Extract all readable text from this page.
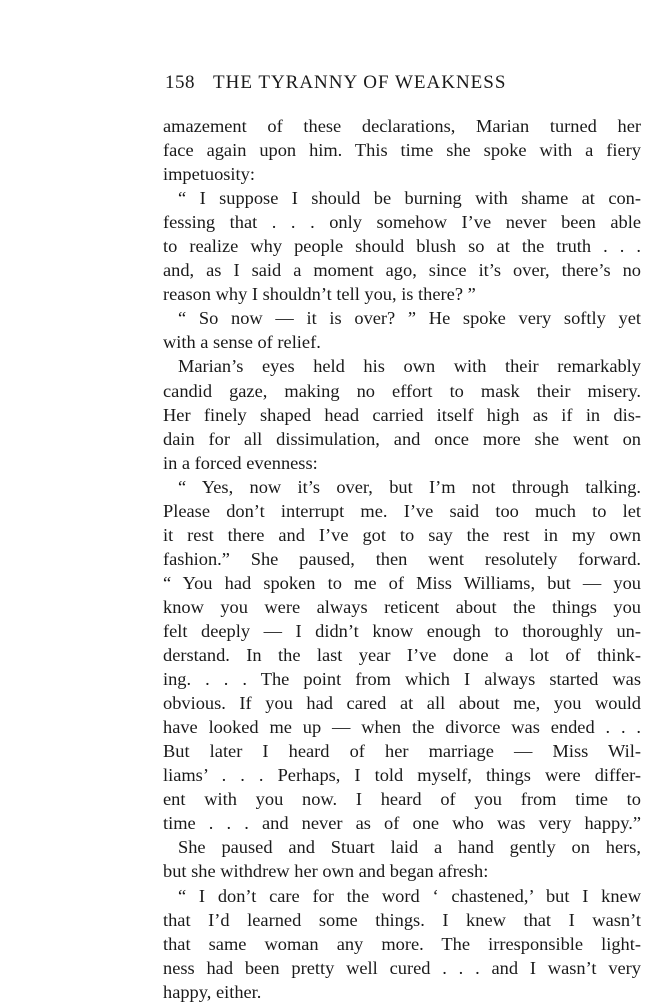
158 THE TYRANNY OF WEAKNESS
amazement of these declarations, Marian turned her
face again upon him. This time she spoke with a fiery
impetuosity:
“ I suppose I should be burning with shame at con-
fessing that . . . only somehow I’ve never been able
to realize why people should blush so at the truth . . .
and, as I said a moment ago, since it’s over, there’s no
reason why I shouldn’t tell you, is there? ”
“ So now — it is over? ” He spoke very softly yet
with a sense of relief.
Marian’s eyes held his own with their remarkably
candid gaze, making no effort to mask their misery.
Her finely shaped head carried itself high as if in dis-
dain for all dissimulation, and once more she went on
in a forced evenness:
“ Yes, now it’s over, but I’m not through talking.
Please don’t interrupt me. I’ve said too much to let
it rest there and I’ve got to say the rest in my own
fashion.” She paused, then went resolutely forward.
“ You had spoken to me of Miss Williams, but — you
know you were always reticent about the things you
felt deeply — I didn’t know enough to thoroughly un-
derstand. In the last year I’ve done a lot of think-
ing. . . . The point from which I always started was
obvious. If you had cared at all about me, you would
have looked me up — when the divorce was ended . . .
But later I heard of her marriage — Miss Wil-
liams’ . . . Perhaps, I told myself, things were differ-
ent with you now. I heard of you from time to
time . . . and never as of one who was very happy.”
She paused and Stuart laid a hand gently on hers,
but she withdrew her own and began afresh:
“ I don’t care for the word ‘ chastened,’ but I knew
that I’d learned some things. I knew that I wasn’t
that same woman any more. The irresponsible light-
ness had been pretty well cured . . . and I wasn’t very
happy, either.
